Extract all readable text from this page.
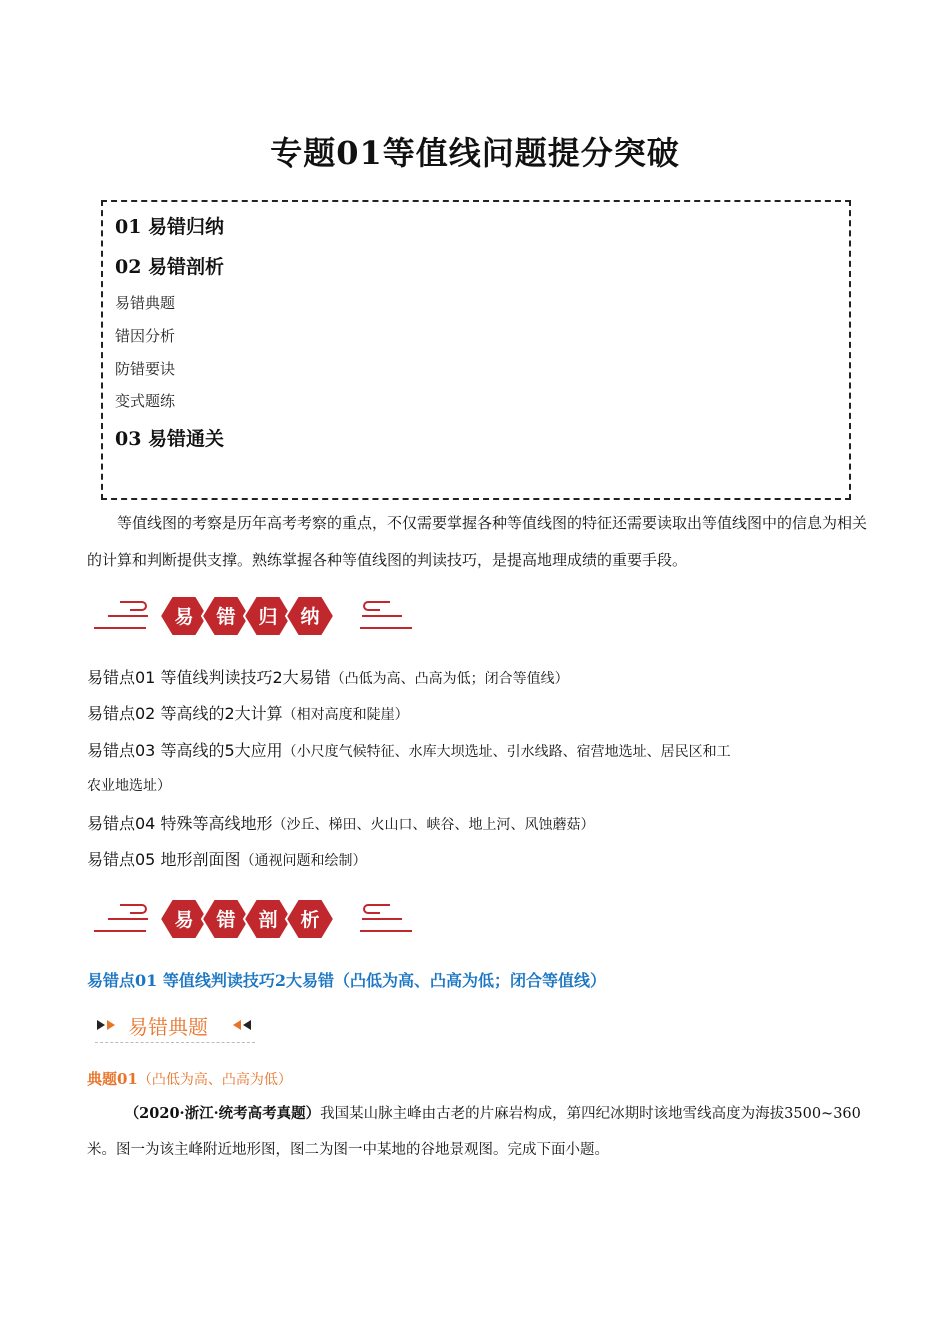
专题01等值线问题提分突破
01 易错归纳
02 易错剖析
易错典题
错因分析
防错要诀
变式题练
03 易错通关
等值线图的考察是历年高考考察的重点，不仅需要掌握各种等值线图的特征还需要读取出等值线图中的信息为相关的计算和判断提供支撑。熟练掌握各种等值线图的判读技巧，是提高地理成绩的重要手段。
易 错 归 纳
易错点01 等值线判读技巧2大易错（凸低为高、凸高为低；闭合等值线）
易错点02 等高线的2大计算（相对高度和陡崖）
易错点03 等高线的5大应用（小尺度气候特征、水库大坝选址、引水线路、宿营地选址、居民区和工
农业地选址）
易错点04 特殊等高线地形（沙丘、梯田、火山口、峡谷、地上河、风蚀蘑菇）
易错点05 地形剖面图（通视问题和绘制）
易 错 剖 析
易错点01 等值线判读技巧2大易错（凸低为高、凸高为低；闭合等值线）
易错典题
典题01（凸低为高、凸高为低）
（2020·浙江·统考高考真题）我国某山脉主峰由古老的片麻岩构成，第四纪冰期时该地雪线高度为海拔3500~360米。图一为该主峰附近地形图，图二为图一中某地的谷地景观图。完成下面小题。
